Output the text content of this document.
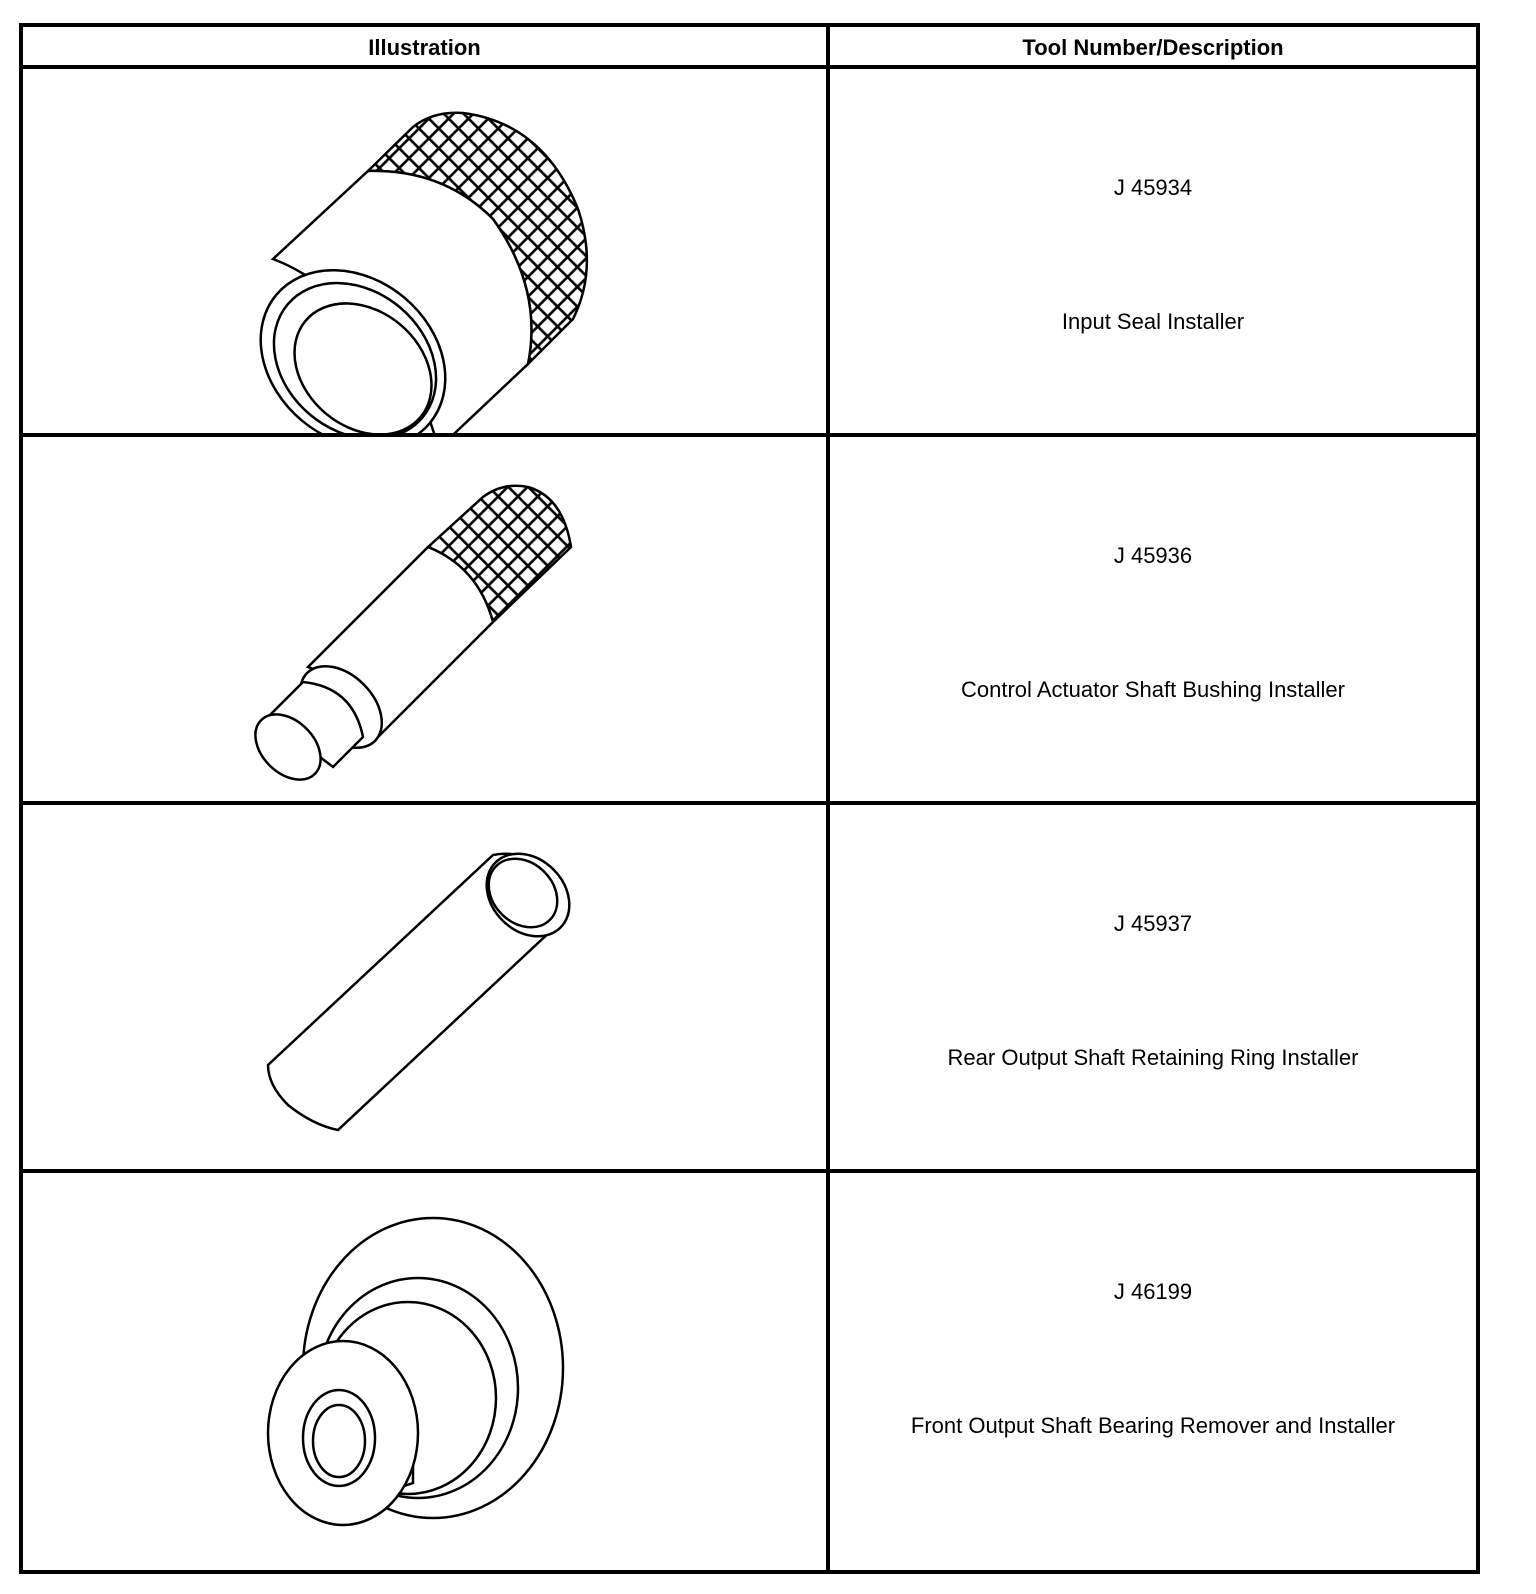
Illustration	Tool Number/Description
J 45934
Input Seal Installer
J 45936
Control Actuator Shaft Bushing Installer
J 45937
Rear Output Shaft Retaining Ring Installer
J 46199
Front Output Shaft Bearing Remover and Installer
